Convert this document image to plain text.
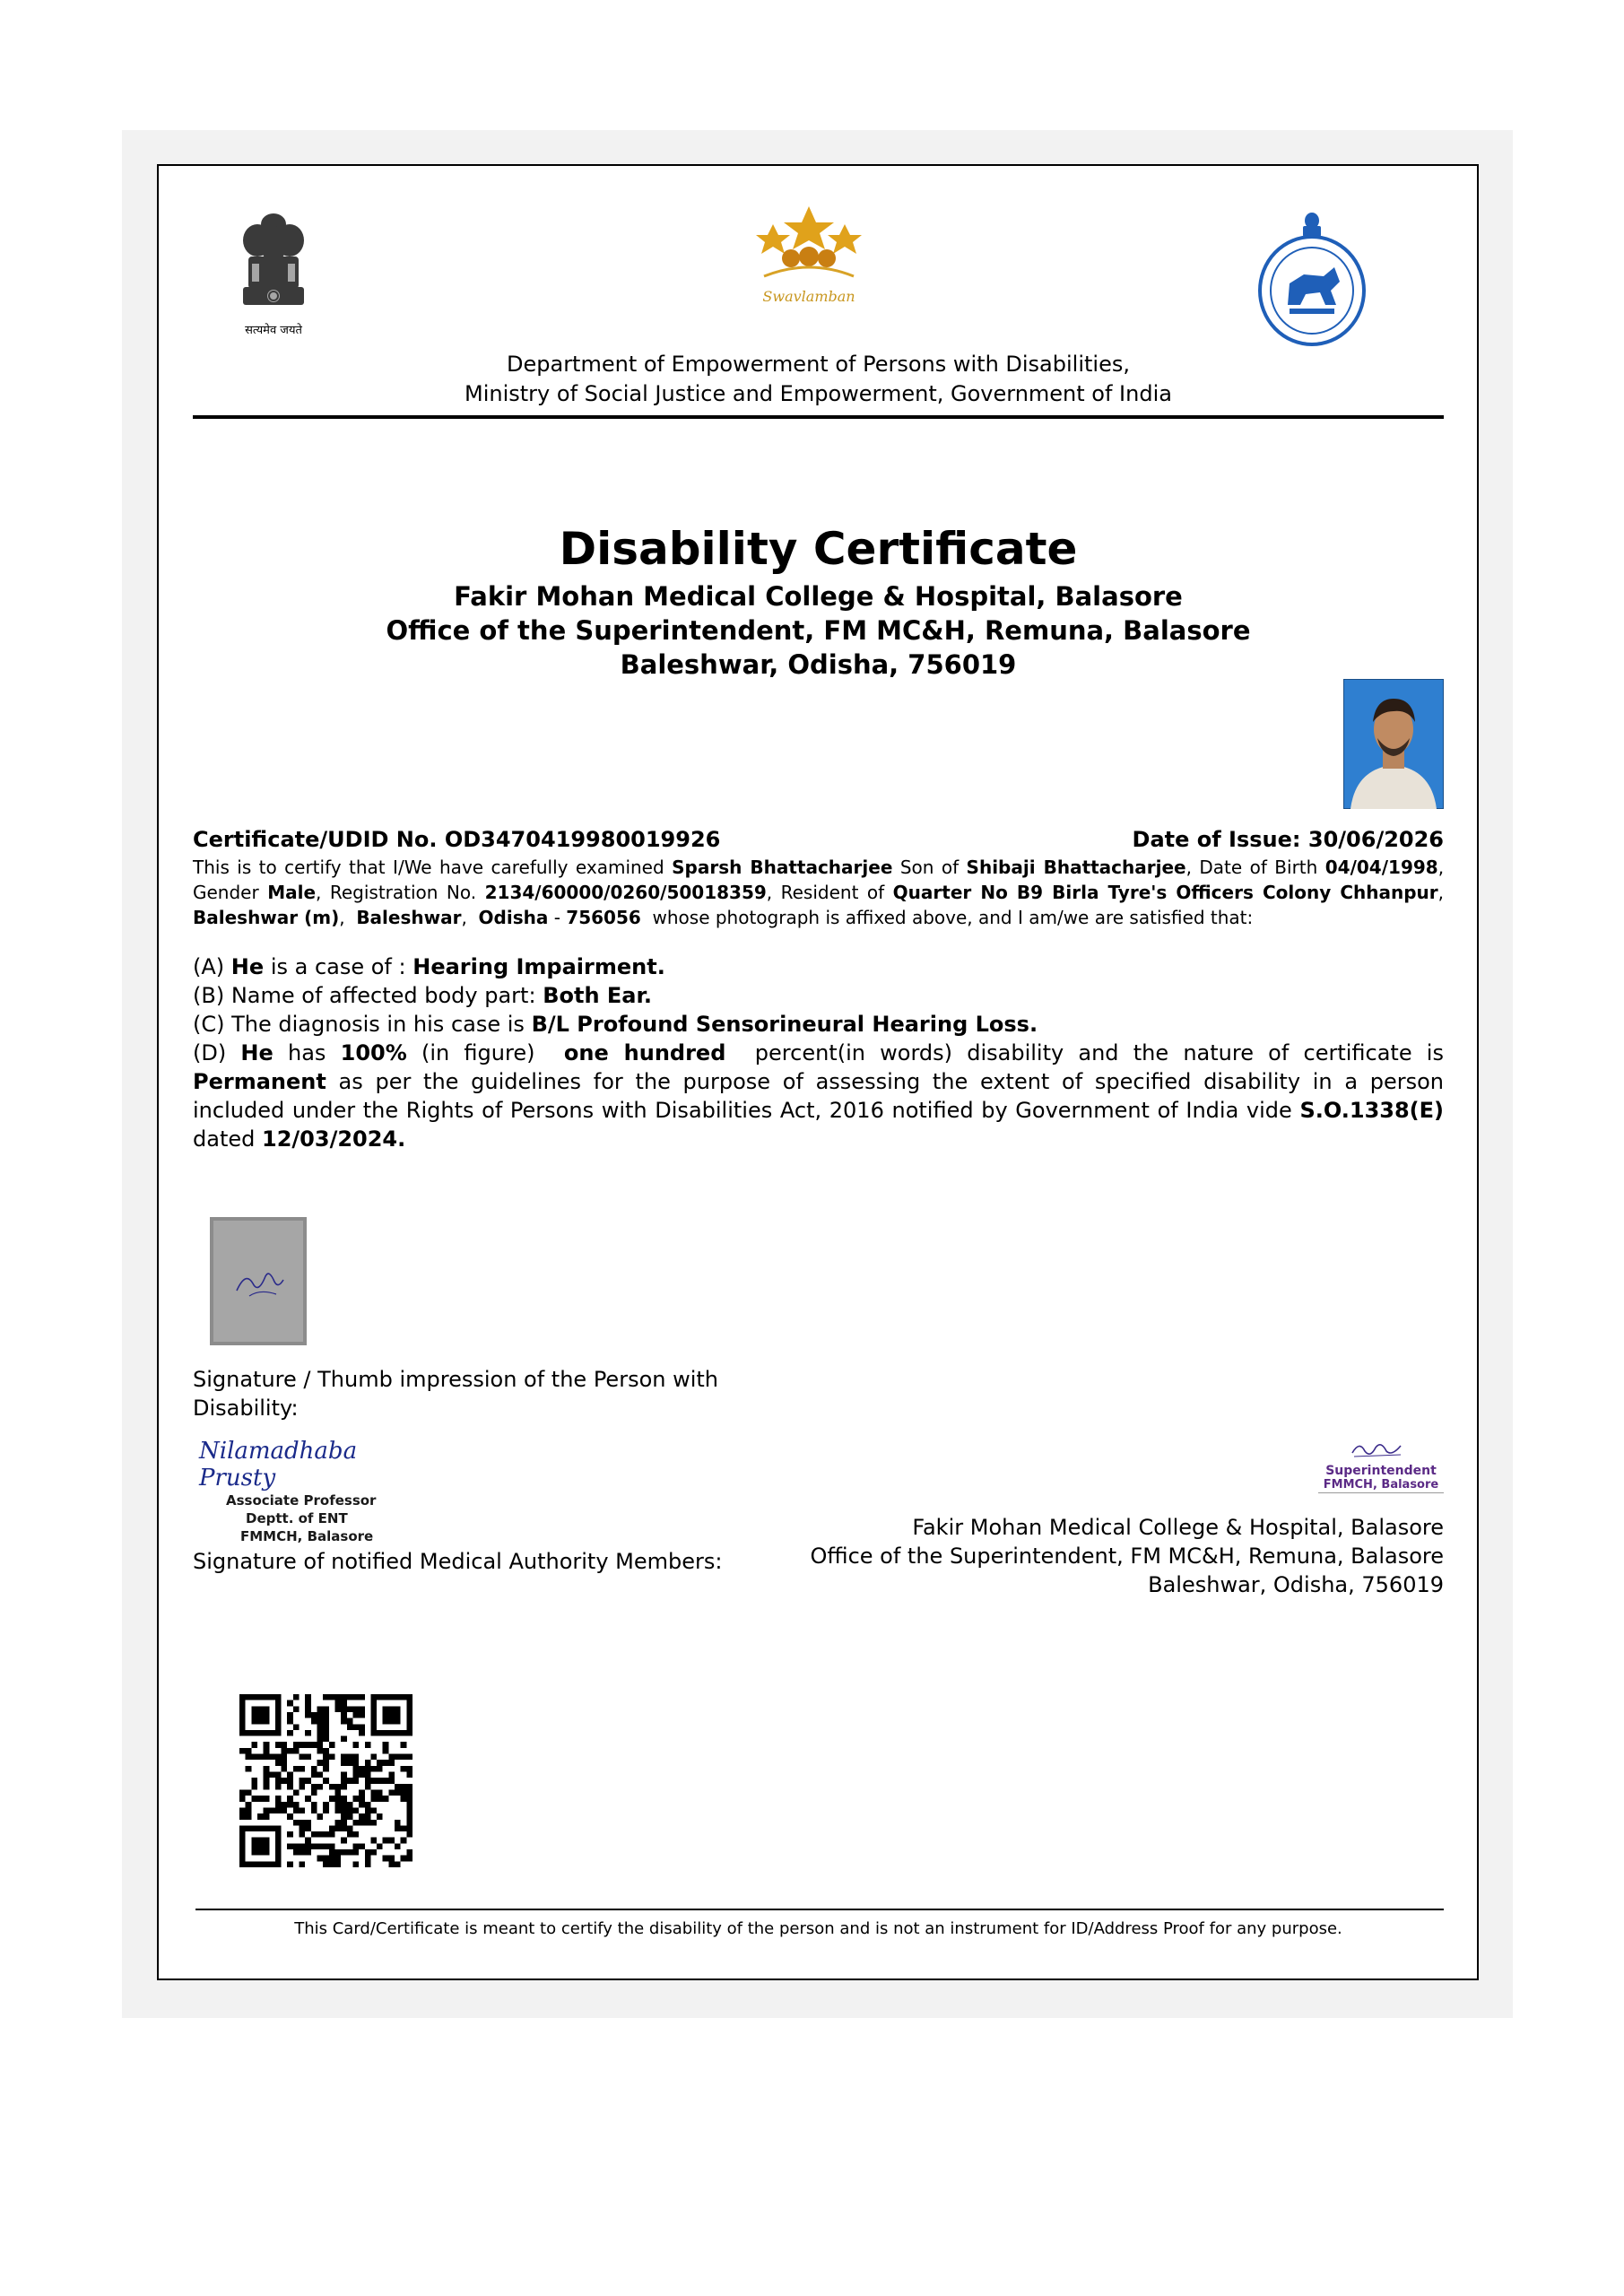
सत्यमेव जयते
Swavlamban
Department of Empowerment of Persons with Disabilities,
Ministry of Social Justice and Empowerment, Government of India
Disability Certificate
Fakir Mohan Medical College & Hospital, Balasore
Office of the Superintendent, FM MC&H, Remuna, Balasore
Baleshwar, Odisha, 756019
Certificate/UDID No. OD3470419980019926	Date of Issue: 30/06/2026
This is to certify that I/We have carefully examined Sparsh Bhattacharjee Son of Shibaji Bhattacharjee, Date of Birth 04/04/1998, Gender Male, Registration No. 2134/60000/0260/50018359, Resident of Quarter No B9 Birla Tyre's Officers Colony Chhanpur, Baleshwar (m), Baleshwar, Odisha - 756056 whose photograph is affixed above, and I am/we are satisfied that:
(A) He is a case of : Hearing Impairment.
(B) Name of affected body part: Both Ear.
(C) The diagnosis in his case is B/L Profound Sensorineural Hearing Loss.
(D) He has 100% (in figure) one hundred percent(in words) disability and the nature of certificate is Permanent as per the guidelines for the purpose of assessing the extent of specified disability in a person included under the Rights of Persons with Disabilities Act, 2016 notified by Government of India vide S.O.1338(E) dated 12/03/2024.
Signature / Thumb impression of the Person with Disability:
Nilamadhaba Prusty
Associate Professor
Deptt. of ENT
FMMCH, Balasore
Signature of notified Medical Authority Members:
Superintendent
FMMCH, Balasore
Fakir Mohan Medical College & Hospital, Balasore
Office of the Superintendent, FM MC&H, Remuna, Balasore
Baleshwar, Odisha, 756019
This Card/Certificate is meant to certify the disability of the person and is not an instrument for ID/Address Proof for any purpose.
